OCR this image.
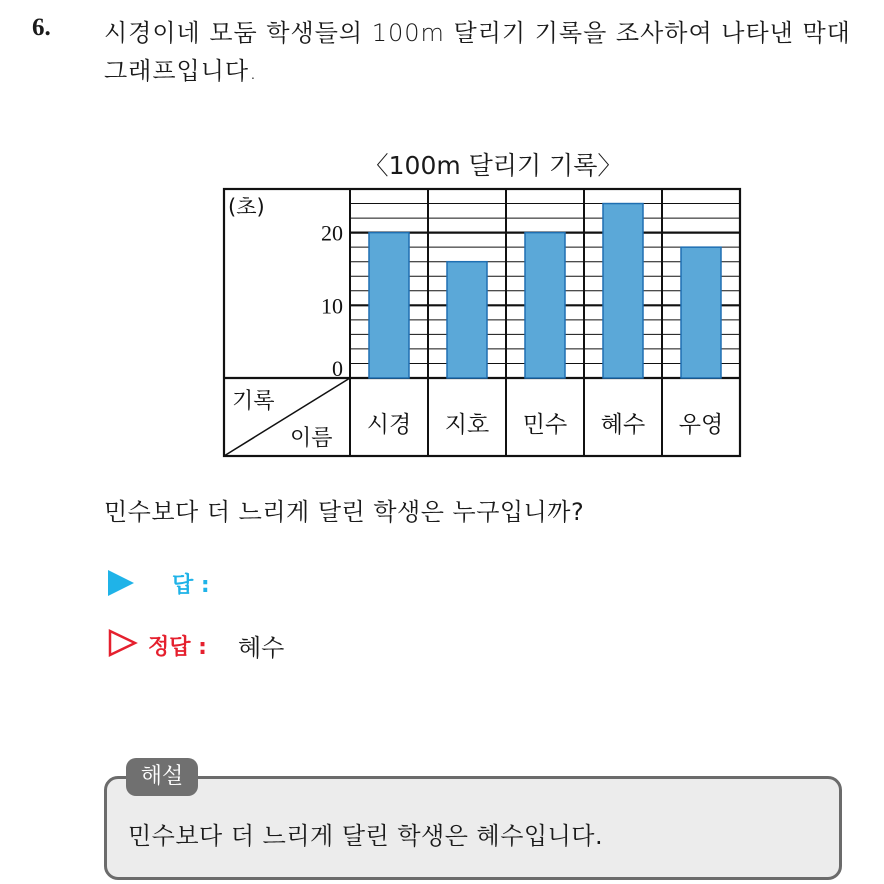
6. 시경이네 모둠 학생들의 100m 달리기 기록을 조사하여 나타낸 막대그래프입니다.
〈100m 달리기 기록〉
0
10
20
(초)
시경 지호 민수 혜수 우영
기록
이름
민수보다 더 느리게 달린 학생은 누구입니까?
답 :
정답 : 혜수
해설
민수보다 더 느리게 달린 학생은 혜수입니다.
